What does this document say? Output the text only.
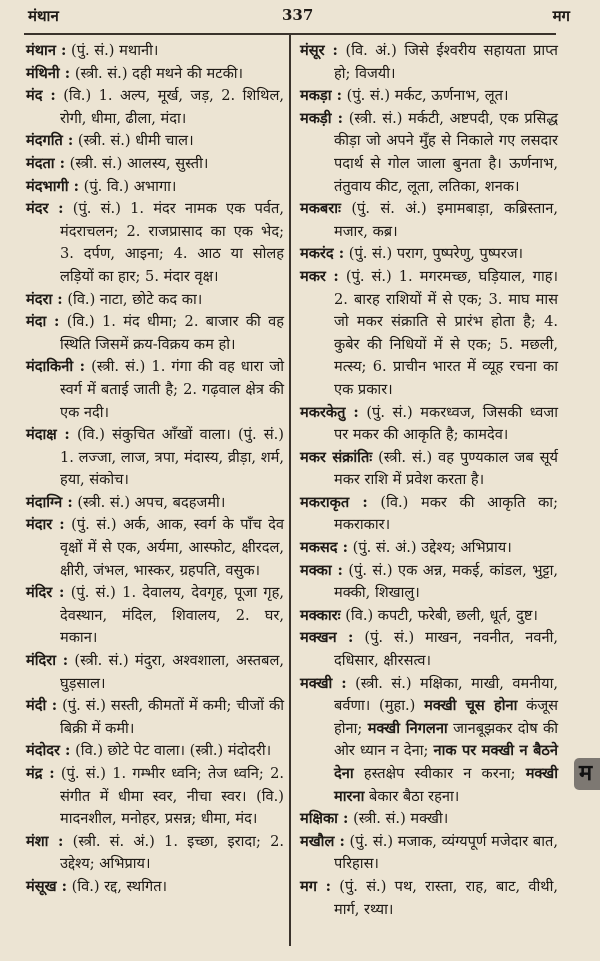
मंथान	337	मग

मंथान : (पुं. सं.) मथानी।

मंथिनी : (स्त्री. सं.) दही मथने की मटकी।

मंद : (वि.) 1. अल्प, मूर्ख, जड़, 2. शिथिल, रोगी, धीमा, ढीला, मंदा।

मंदगति : (स्त्री. सं.) धीमी चाल।

मंदता : (स्त्री. सं.) आलस्य, सुस्ती।

मंदभागी : (पुं. वि.) अभागा।

मंदर : (पुं. सं.) 1. मंदर नामक एक पर्वत, मंदराचलन; 2. राजप्रासाद का एक भेद; 3. दर्पण, आइना; 4. आठ या सोलह लड़ियों का हार; 5. मंदार वृक्ष।

मंदरा : (वि.) नाटा, छोटे कद का।

मंदा : (वि.) 1. मंद धीमा; 2. बाजार की वह स्थिति जिसमें क्रय-विक्रय कम हो।

मंदाकिनी : (स्त्री. सं.) 1. गंगा की वह धारा जो स्वर्ग में बताई जाती है; 2. गढ़वाल क्षेत्र की एक नदी।

मंदाक्ष : (वि.) संकुचित आँखों वाला। (पुं. सं.) 1. लज्जा, लाज, त्रपा, मंदास्य, व्रीड़ा, शर्म, हया, संकोच।

मंदाग्नि : (स्त्री. सं.) अपच, बदहजमी।

मंदार : (पुं. सं.) अर्क, आक, स्वर्ग के पाँच देव वृक्षों में से एक, अर्यमा, आस्फोट, क्षीरदल, क्षीरी, जंभल, भास्कर, ग्रहपति, वसुक।

मंदिर : (पुं. सं.) 1. देवालय, देवगृह, पूजा गृह, देवस्थान, मंदिल, शिवालय, 2. घर, मकान।

मंदिरा : (स्त्री. सं.) मंदुरा, अश्वशाला, अस्तबल, घुड़साल।

मंदी : (पुं. सं.) सस्ती, कीमतों में कमी; चीजों की बिक्री में कमी।

मंदोदर : (वि.) छोटे पेट वाला। (स्त्री.) मंदोदरी।

मंद्र : (पुं. सं.) 1. गम्भीर ध्वनि; तेज ध्वनि; 2. संगीत में धीमा स्वर, नीचा स्वर। (वि.) मादनशील, मनोहर, प्रसन्न; धीमा, मंद।

मंशा : (स्त्री. सं. अं.) 1. इच्छा, इरादा; 2. उद्देश्य; अभिप्राय।

मंसूख : (वि.) रद्द, स्थगित।

मंसूर : (वि. अं.) जिसे ईश्वरीय सहायता प्राप्त हो; विजयी।

मकड़ा : (पुं. सं.) मर्कट, ऊर्णनाभ, लूत।

मकड़ी : (स्त्री. सं.) मर्कटी, अष्टपदी, एक प्रसिद्ध कीड़ा जो अपने मुँह से निकाले गए लसदार पदार्थ से गोल जाला बुनता है। ऊर्णनाभ, तंतुवाय कीट, लूता, लतिका, शनक।

मकबराः (पुं. सं. अं.) इमामबाड़ा, कब्रिस्तान, मजार, कब्र।

मकरंद : (पुं. सं.) पराग, पुष्परेणु, पुष्परज।

मकर : (पुं. सं.) 1. मगरमच्छ, घड़ियाल, गाह। 2. बारह राशियों में से एक; 3. माघ मास जो मकर संक्राति से प्रारंभ होता है; 4. कुबेर की निधियों में से एक; 5. मछली, मत्स्य; 6. प्राचीन भारत में व्यूह रचना का एक प्रकार।

मकरकेतु : (पुं. सं.) मकरध्वज, जिसकी ध्वजा पर मकर की आकृति है; कामदेव।

मकर संक्रांतिः (स्त्री. सं.) वह पुण्यकाल जब सूर्य मकर राशि में प्रवेश करता है।

मकराकृत : (वि.) मकर की आकृति का; मकराकार।

मकसद : (पुं. सं. अं.) उद्देश्य; अभिप्राय।

मक्का : (पुं. सं.) एक अन्न, मकई, कांडल, भुट्टा, मक्की, शिखालु।

मक्कारः (वि.) कपटी, फरेबी, छली, धूर्त, दुष्ट।

मक्खन : (पुं. सं.) माखन, नवनीत, नवनी, दधिसार, क्षीरसत्व।

मक्खी : (स्त्री. सं.) मक्षिका, माखी, वमनीया, बर्वणा। (मुहा.) मक्खी चूस होना कंजूस होना; मक्खी निगलना जानबूझकर दोष की ओर ध्यान न देना; नाक पर मक्खी न बैठने देना हस्तक्षेप स्वीकार न करना; मक्खी मारना बेकार बैठा रहना।

मक्षिका : (स्त्री. सं.) मक्खी।

मखौल : (पुं. सं.) मजाक, व्यंग्यपूर्ण मजेदार बात, परिहास।

मग : (पुं. सं.) पथ, रास्ता, राह, बाट, वीथी, मार्ग, रथ्या।

म
